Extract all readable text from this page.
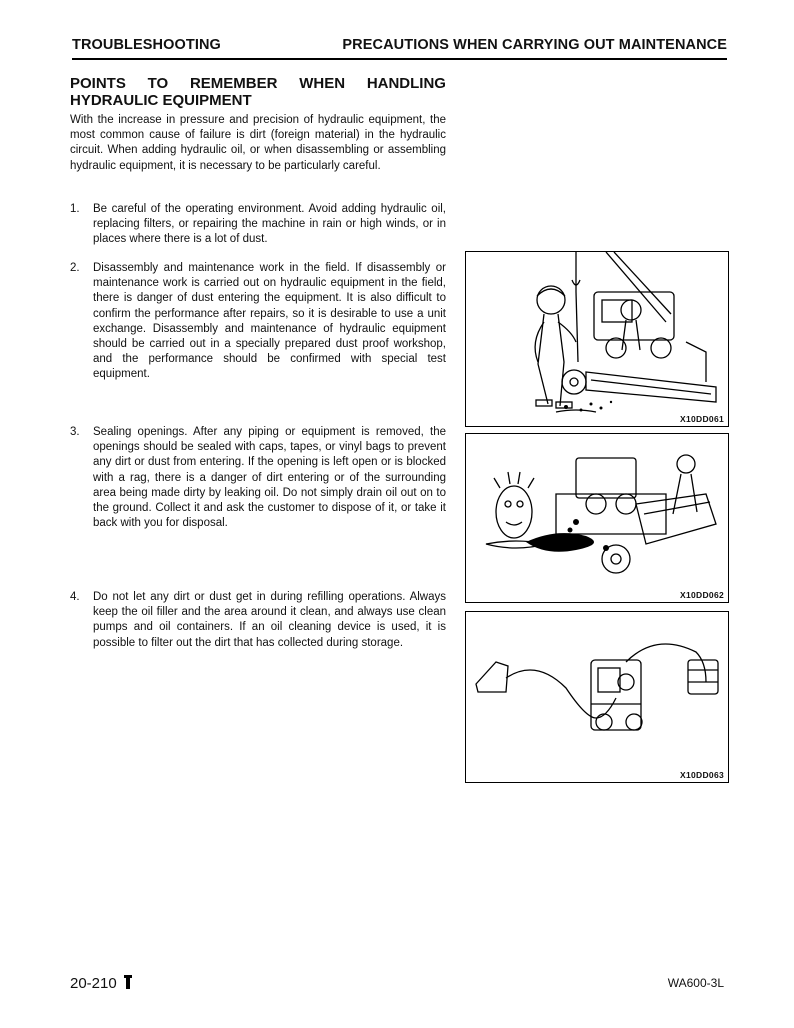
TROUBLESHOOTING	PRECAUTIONS WHEN CARRYING OUT MAINTENANCE
POINTS TO REMEMBER WHEN HANDLING
HYDRAULIC EQUIPMENT
With the increase in pressure and precision of hydraulic equipment, the most common cause of failure is dirt (foreign material) in the hydraulic circuit. When adding hydraulic oil, or when disassembling or assembling hydraulic equipment, it is necessary to be particularly careful.
1. Be careful of the operating environment. Avoid adding hydraulic oil, replacing filters, or repairing the machine in rain or high winds, or in places where there is a lot of dust.
2. Disassembly and maintenance work in the field. If disassembly or maintenance work is carried out on hydraulic equipment in the field, there is danger of dust entering the equipment. It is also difficult to confirm the performance after repairs, so it is desirable to use a unit exchange. Disassembly and maintenance of hydraulic equipment should be carried out in a specially prepared dust proof workshop, and the performance should be confirmed with special test equipment.
3. Sealing openings. After any piping or equipment is removed, the openings should be sealed with caps, tapes, or vinyl bags to prevent any dirt or dust from entering. If the opening is left open or is blocked with a rag, there is a danger of dirt entering or of the surrounding area being made dirty by leaking oil. Do not simply drain oil out on to the ground. Collect it and ask the customer to dispose of it, or take it back with you for disposal.
4. Do not let any dirt or dust get in during refilling operations. Always keep the oil filler and the area around it clean, and always use clean pumps and oil containers. If an oil cleaning device is used, it is possible to filter out the dirt that has collected during storage.
X10DD061
X10DD062
X10DD063
20-210	WA600-3L
